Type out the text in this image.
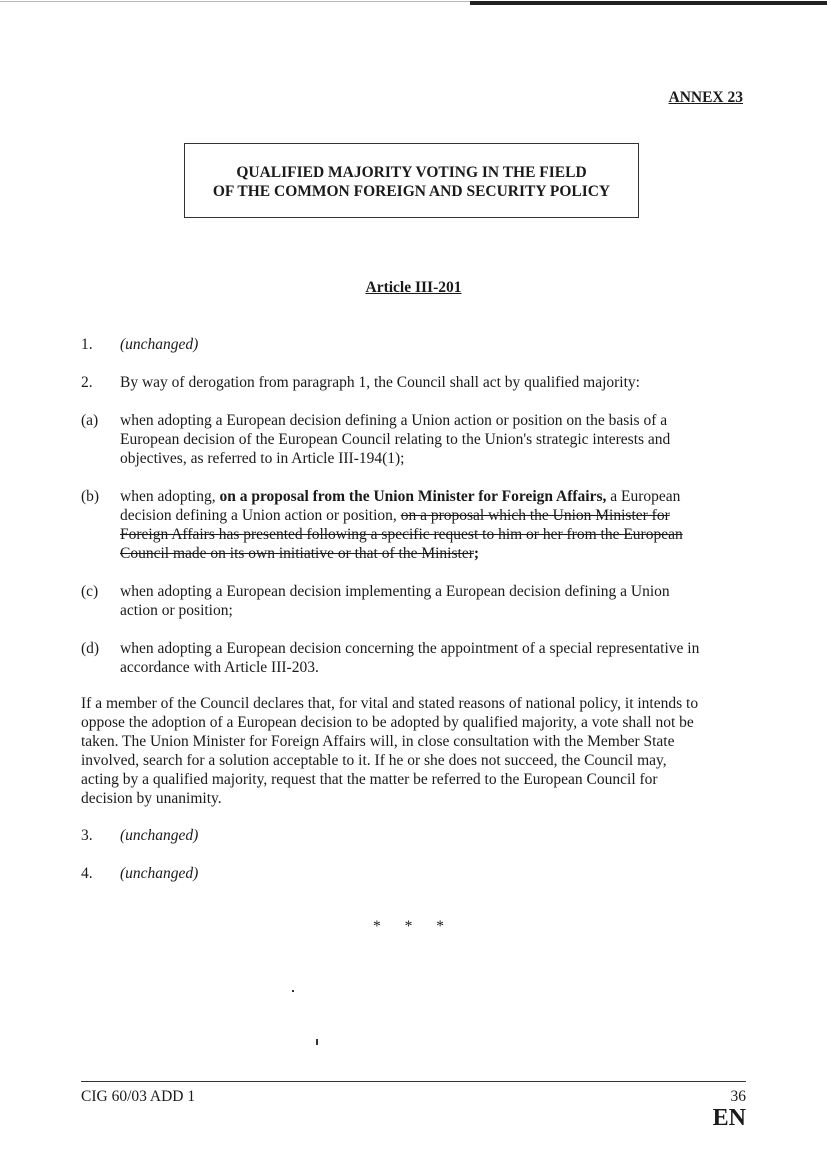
ANNEX 23
QUALIFIED MAJORITY VOTING IN THE FIELD
OF THE COMMON FOREIGN AND SECURITY POLICY
Article III-201
1. (unchanged)
2. By way of derogation from paragraph 1, the Council shall act by qualified majority:
(a) when adopting a European decision defining a Union action or position on the basis of a
European decision of the European Council relating to the Union's strategic interests and
objectives, as referred to in Article III-194(1);
(b) when adopting, on a proposal from the Union Minister for Foreign Affairs, a European
decision defining a Union action or position, on a proposal which the Union Minister for
Foreign Affairs has presented following a specific request to him or her from the European
Council made on its own initiative or that of the Minister;
(c) when adopting a European decision implementing a European decision defining a Union
action or position;
(d) when adopting a European decision concerning the appointment of a special representative in
accordance with Article III-203.
If a member of the Council declares that, for vital and stated reasons of national policy, it intends to
oppose the adoption of a European decision to be adopted by qualified majority, a vote shall not be
taken. The Union Minister for Foreign Affairs will, in close consultation with the Member State
involved, search for a solution acceptable to it. If he or she does not succeed, the Council may,
acting by a qualified majority, request that the matter be referred to the European Council for
decision by unanimity.
3. (unchanged)
4. (unchanged)
* * *
CIG 60/03 ADD 1	36
EN
